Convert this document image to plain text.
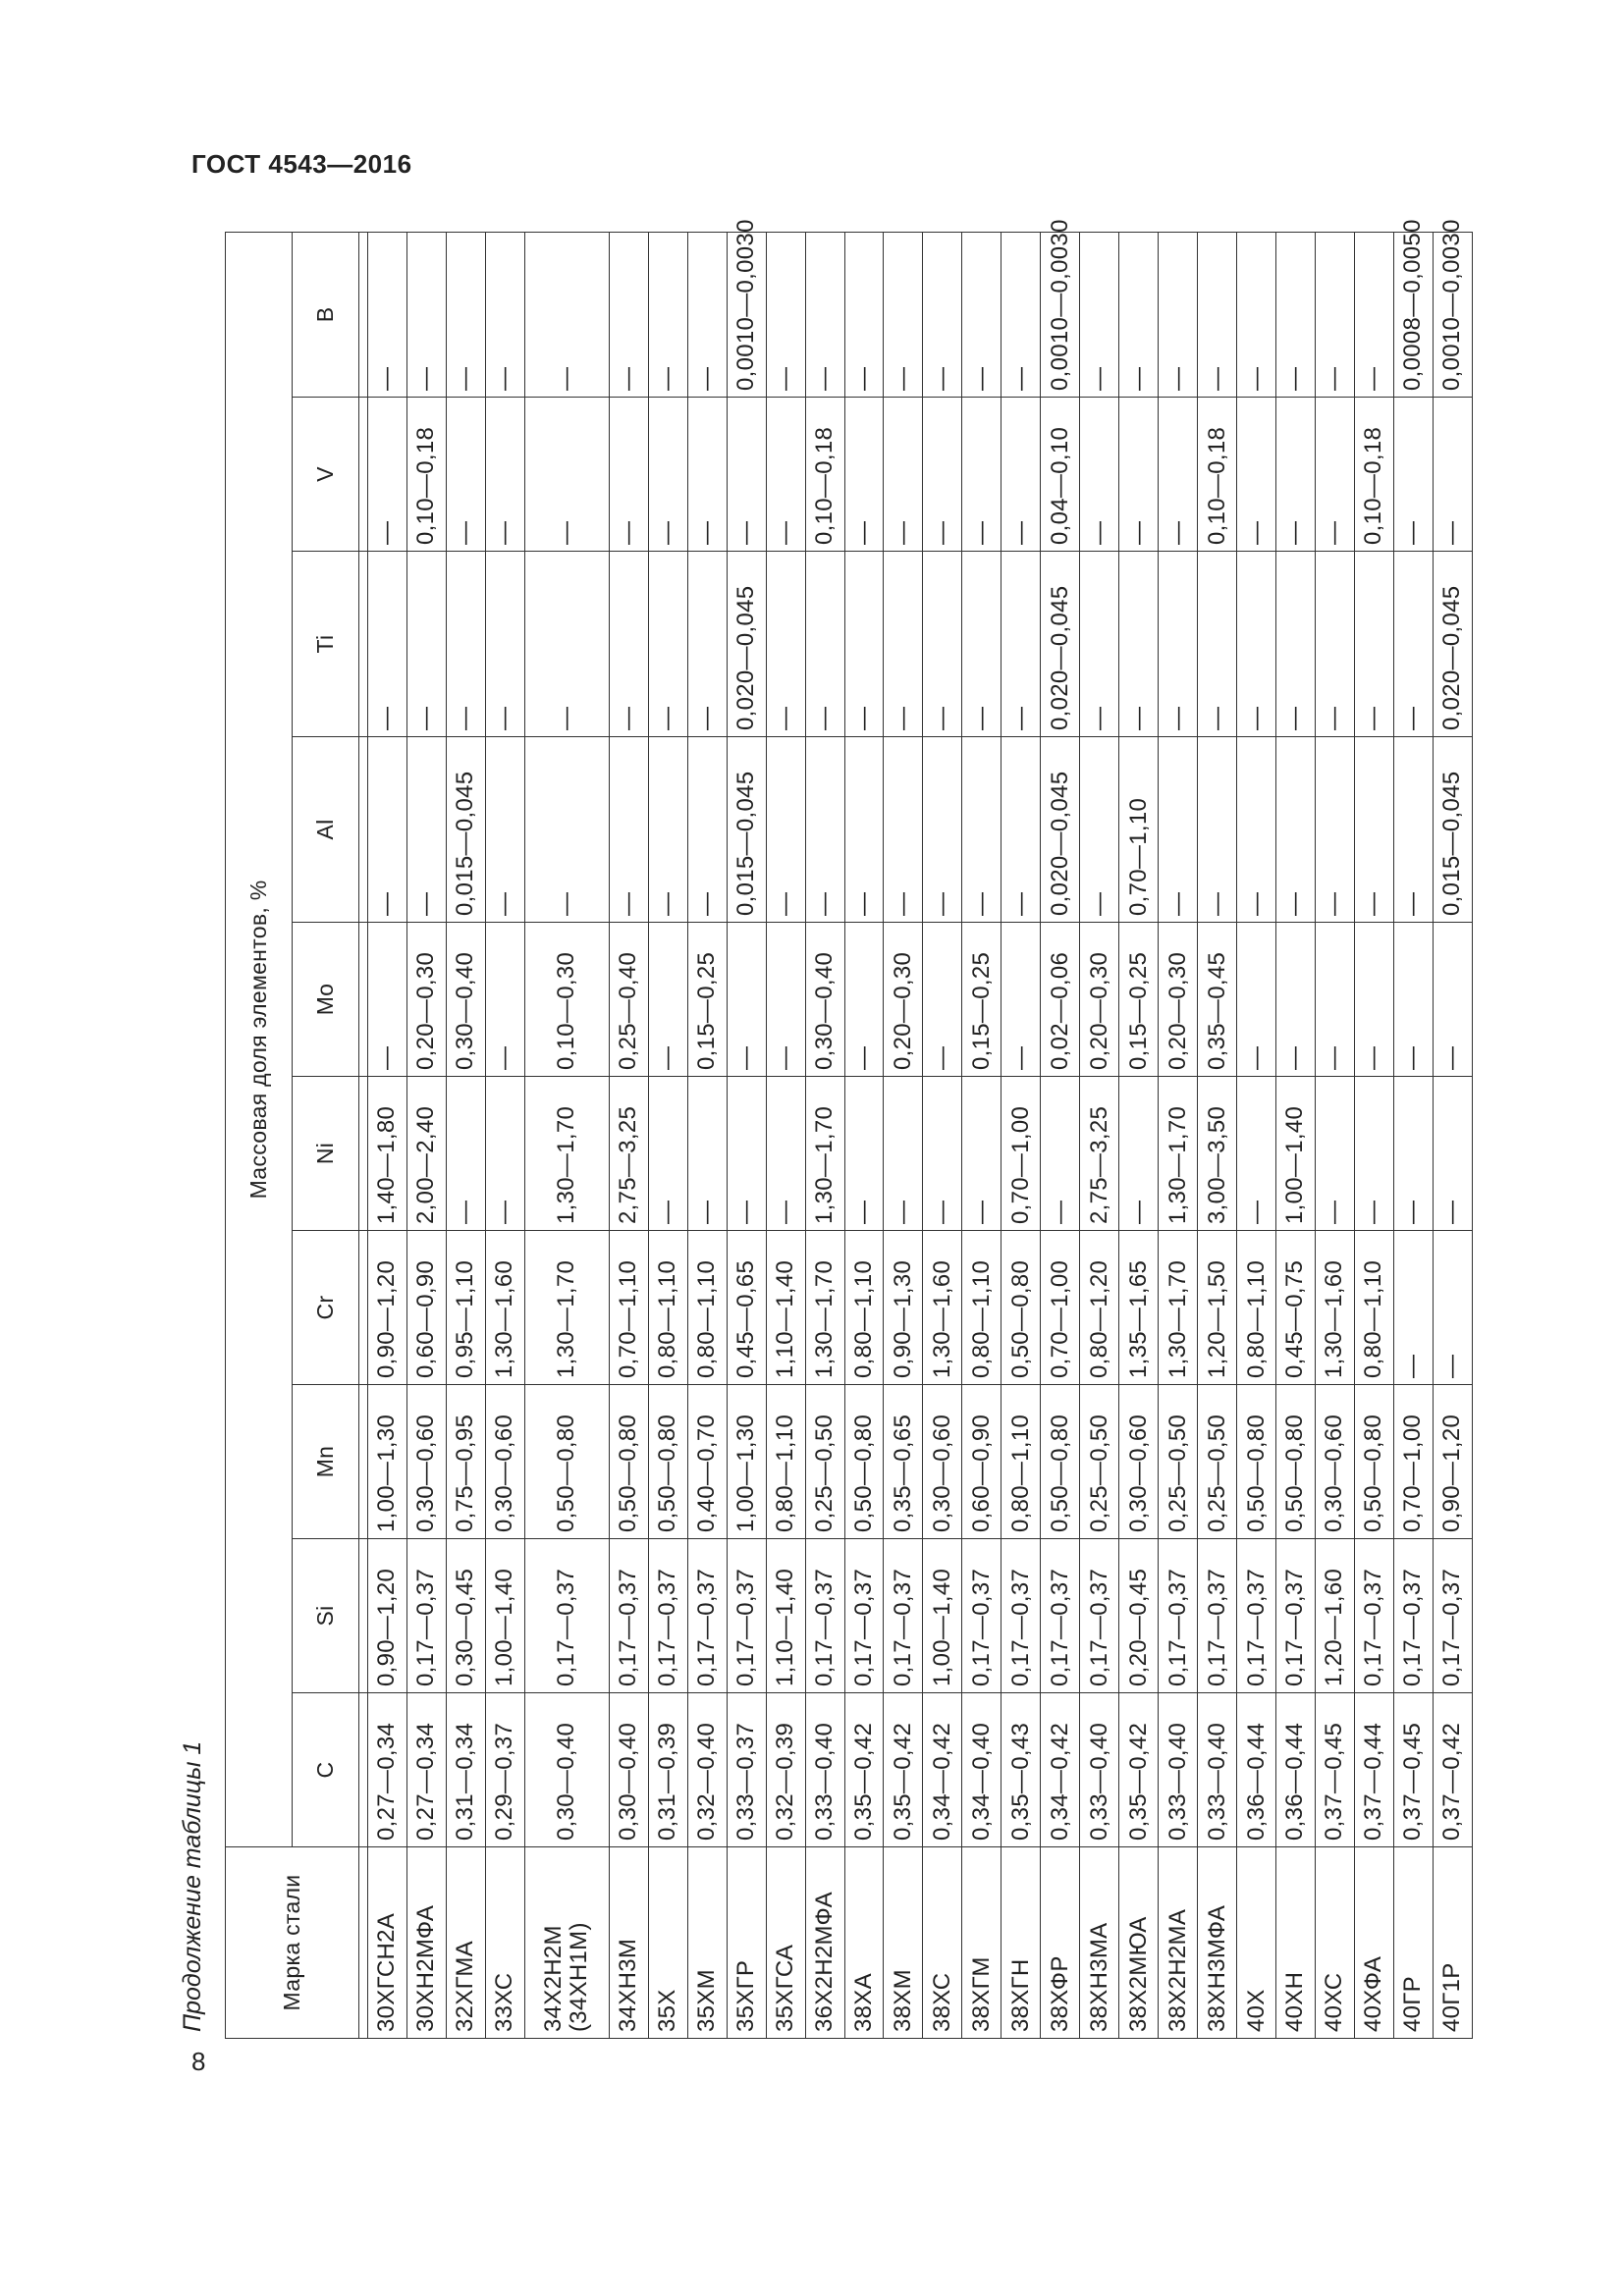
ГОСТ 4543—2016
Продолжение таблицы 1
8
Марка стали	Массовая доля элементов, %									
	C	Si	Mn	Cr	Ni	Mo	Al	Ti	V	B

30ХГСН2А	0,27—0,34	0,90—1,20	1,00—1,30	0,90—1,20	1,40—1,80	—	—	—	—	—
30ХН2МФА	0,27—0,34	0,17—0,37	0,30—0,60	0,60—0,90	2,00—2,40	0,20—0,30	—	—	0,10—0,18	—
32ХГМА	0,31—0,34	0,30—0,45	0,75—0,95	0,95—1,10	—	0,30—0,40	0,015—0,045	—	—	—
33ХС	0,29—0,37	1,00—1,40	0,30—0,60	1,30—1,60	—	—	—	—	—	—
34Х2Н2М (34ХН1М)	0,30—0,40	0,17—0,37	0,50—0,80	1,30—1,70	1,30—1,70	0,10—0,30	—	—	—	—
34ХН3М	0,30—0,40	0,17—0,37	0,50—0,80	0,70—1,10	2,75—3,25	0,25—0,40	—	—	—	—
35Х	0,31—0,39	0,17—0,37	0,50—0,80	0,80—1,10	—	—	—	—	—	—
35ХМ	0,32—0,40	0,17—0,37	0,40—0,70	0,80—1,10	—	0,15—0,25	—	—	—	—
35ХГР	0,33—0,37	0,17—0,37	1,00—1,30	0,45—0,65	—	—	0,015—0,045	0,020—0,045	—	0,0010—0,0030
35ХГСА	0,32—0,39	1,10—1,40	0,80—1,10	1,10—1,40	—	—	—	—	—	—
36Х2Н2МФА	0,33—0,40	0,17—0,37	0,25—0,50	1,30—1,70	1,30—1,70	0,30—0,40	—	—	0,10—0,18	—
38ХА	0,35—0,42	0,17—0,37	0,50—0,80	0,80—1,10	—	—	—	—	—	—
38ХМ	0,35—0,42	0,17—0,37	0,35—0,65	0,90—1,30	—	0,20—0,30	—	—	—	—
38ХС	0,34—0,42	1,00—1,40	0,30—0,60	1,30—1,60	—	—	—	—	—	—
38ХГМ	0,34—0,40	0,17—0,37	0,60—0,90	0,80—1,10	—	0,15—0,25	—	—	—	—
38ХГН	0,35—0,43	0,17—0,37	0,80—1,10	0,50—0,80	0,70—1,00	—	—	—	—	—
38ХФР	0,34—0,42	0,17—0,37	0,50—0,80	0,70—1,00	—	0,02—0,06	0,020—0,045	0,020—0,045	0,04—0,10	0,0010—0,0030
38ХН3МА	0,33—0,40	0,17—0,37	0,25—0,50	0,80—1,20	2,75—3,25	0,20—0,30	—	—	—	—
38Х2МЮА	0,35—0,42	0,20—0,45	0,30—0,60	1,35—1,65	—	0,15—0,25	0,70—1,10	—	—	—
38Х2Н2МА	0,33—0,40	0,17—0,37	0,25—0,50	1,30—1,70	1,30—1,70	0,20—0,30	—	—	—	—
38ХН3МФА	0,33—0,40	0,17—0,37	0,25—0,50	1,20—1,50	3,00—3,50	0,35—0,45	—	—	0,10—0,18	—
40Х	0,36—0,44	0,17—0,37	0,50—0,80	0,80—1,10	—	—	—	—	—	—
40ХН	0,36—0,44	0,17—0,37	0,50—0,80	0,45—0,75	1,00—1,40	—	—	—	—	—
40ХС	0,37—0,45	1,20—1,60	0,30—0,60	1,30—1,60	—	—	—	—	—	—
40ХФА	0,37—0,44	0,17—0,37	0,50—0,80	0,80—1,10	—	—	—	—	0,10—0,18	—
40ГР	0,37—0,45	0,17—0,37	0,70—1,00	—	—	—	—	—	—	0,0008—0,0050
40Г1Р	0,37—0,42	0,17—0,37	0,90—1,20	—	—	—	0,015—0,045	0,020—0,045	—	0,0010—0,0030
